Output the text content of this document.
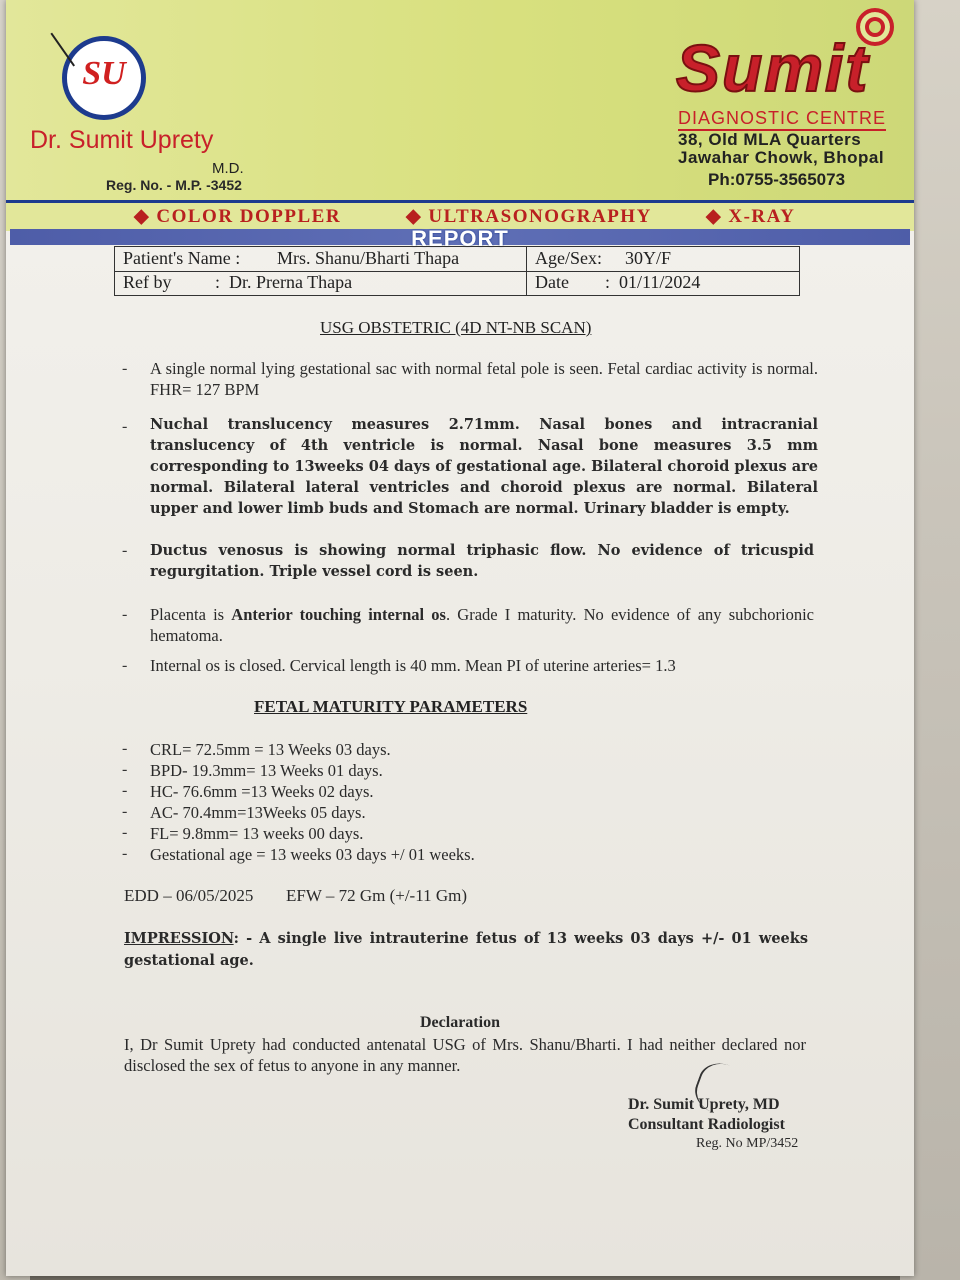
SU
Dr. Sumit Uprety
M.D.
Reg. No. - M.P. -3452
Sumit
DIAGNOSTIC CENTRE
38, Old MLA Quarters
Jawahar Chowk, Bhopal
Ph:0755-3565073
◆ COLOR DOPPLER	◆ ULTRASONOGRAPHY	◆ X-RAY
REPORT
Patient's Name : Mrs. Shanu/Bharti Thapa	Age/Sex: 30Y/F
Ref by :  Dr. Prerna Thapa	Date :  01/11/2024
USG OBSTETRIC (4D NT-NB SCAN)
- A single normal lying gestational sac with normal fetal pole is seen. Fetal cardiac activity is normal. FHR= 127 BPM
- Nuchal translucency measures 2.71mm. Nasal bones and intracranial translucency of 4th ventricle is normal. Nasal bone measures 3.5 mm corresponding to 13weeks 04 days of gestational age. Bilateral choroid plexus are normal. Bilateral lateral ventricles and choroid plexus are normal. Bilateral upper and lower limb buds and Stomach are normal. Urinary bladder is empty.
- Ductus venosus is showing normal triphasic flow. No evidence of tricuspid regurgitation. Triple vessel cord is seen.
- Placenta is Anterior touching internal os. Grade I maturity. No evidence of any subchorionic hematoma.
- Internal os is closed. Cervical length is 40 mm. Mean PI of uterine arteries= 1.3
FETAL MATURITY PARAMETERS
- CRL= 72.5mm = 13 Weeks 03 days.
- BPD- 19.3mm= 13 Weeks 01 days.
- HC- 76.6mm =13 Weeks 02 days.
- AC- 70.4mm=13Weeks 05 days.
- FL= 9.8mm= 13 weeks 00 days.
- Gestational age = 13 weeks 03 days +/ 01 weeks.
EDD – 06/05/2025 EFW – 72 Gm (+/-11 Gm)
IMPRESSION: - A single live intrauterine fetus of 13 weeks 03 days +/- 01 weeks gestational age.
Declaration
I, Dr Sumit Uprety had conducted antenatal USG of Mrs. Shanu/Bharti. I had neither declared nor disclosed the sex of fetus to anyone in any manner.
Dr. Sumit Uprety, MD
Consultant Radiologist
Reg. No MP/3452
